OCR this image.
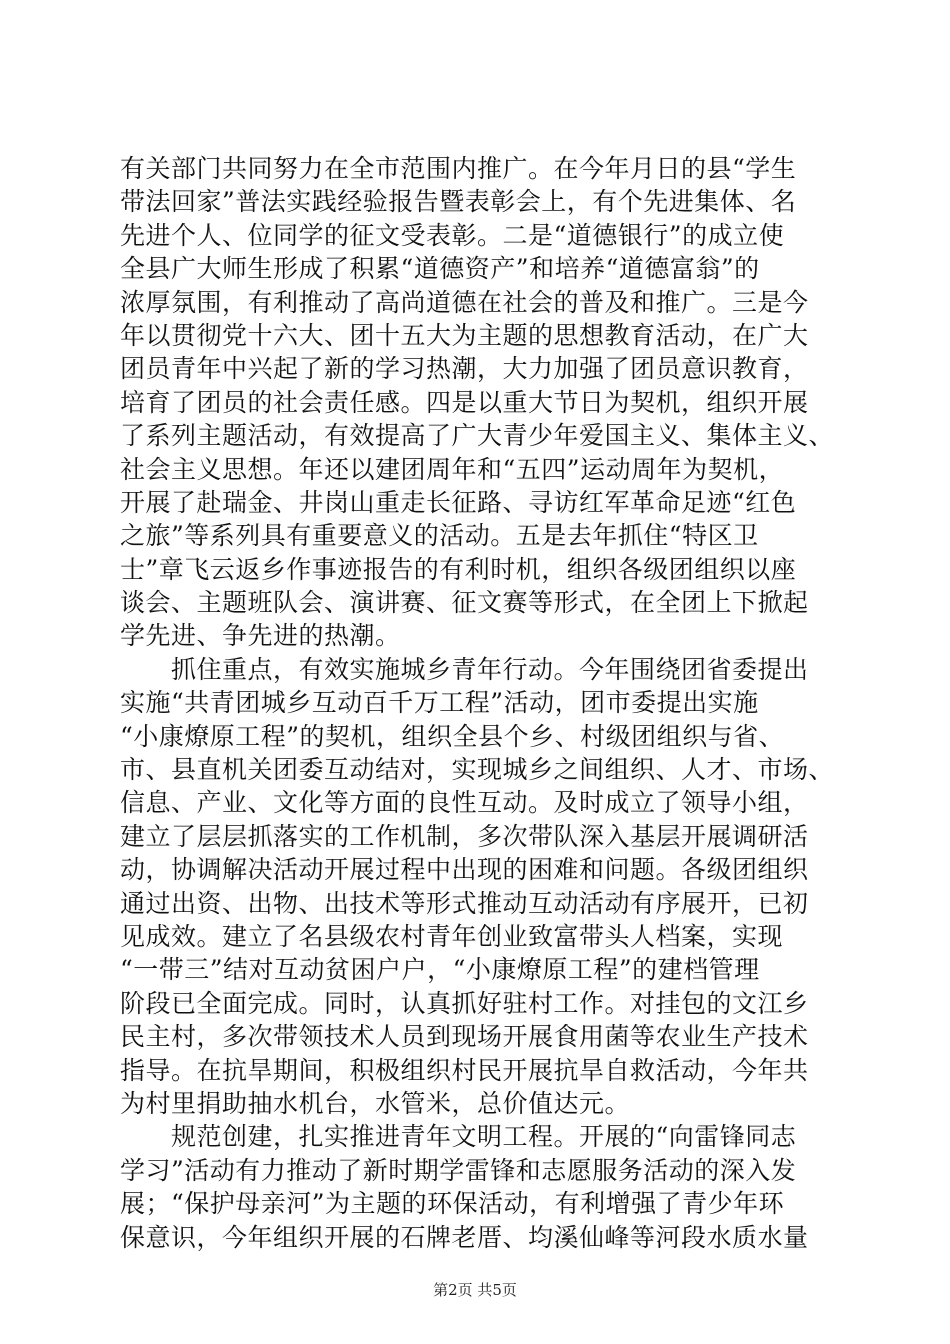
有关部门共同努力在全市范围内推广。在今年月日的县“学生
带法回家”普法实践经验报告暨表彰会上，有个先进集体、名
先进个人、位同学的征文受表彰。二是“道德银行”的成立使
全县广大师生形成了积累“道德资产”和培养“道德富翁”的
浓厚氛围，有利推动了高尚道德在社会的普及和推广。三是今
年以贯彻党十六大、团十五大为主题的思想教育活动，在广大
团员青年中兴起了新的学习热潮，大力加强了团员意识教育，
培育了团员的社会责任感。四是以重大节日为契机，组织开展
了系列主题活动，有效提高了广大青少年爱国主义、集体主义、
社会主义思想。年还以建团周年和“五四”运动周年为契机，
开展了赴瑞金、井岗山重走长征路、寻访红军革命足迹“红色
之旅”等系列具有重要意义的活动。五是去年抓住“特区卫
士”章飞云返乡作事迹报告的有利时机，组织各级团组织以座
谈会、主题班队会、演讲赛、征文赛等形式，在全团上下掀起
学先进、争先进的热潮。
　　抓住重点，有效实施城乡青年行动。今年围绕团省委提出
实施“共青团城乡互动百千万工程”活动，团市委提出实施
“小康燎原工程”的契机，组织全县个乡、村级团组织与省、
市、县直机关团委互动结对，实现城乡之间组织、人才、市场、
信息、产业、文化等方面的良性互动。及时成立了领导小组，
建立了层层抓落实的工作机制，多次带队深入基层开展调研活
动，协调解决活动开展过程中出现的困难和问题。各级团组织
通过出资、出物、出技术等形式推动互动活动有序展开，已初
见成效。建立了名县级农村青年创业致富带头人档案，实现
“一带三”结对互动贫困户户，“小康燎原工程”的建档管理
阶段已全面完成。同时，认真抓好驻村工作。对挂包的文江乡
民主村，多次带领技术人员到现场开展食用菌等农业生产技术
指导。在抗旱期间，积极组织村民开展抗旱自救活动，今年共
为村里捐助抽水机台，水管米，总价值达元。
　　规范创建，扎实推进青年文明工程。开展的“向雷锋同志
学习”活动有力推动了新时期学雷锋和志愿服务活动的深入发
展；“保护母亲河”为主题的环保活动，有利增强了青少年环
保意识，今年组织开展的石牌老厝、均溪仙峰等河段水质水量
第2页 共5页
